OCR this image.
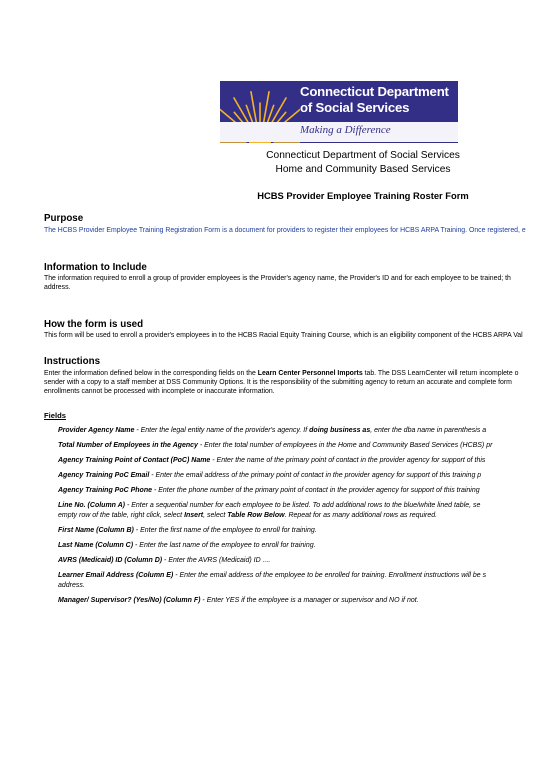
Connecticut Department
of Social Services
Making a Difference
Connecticut Department of Social Services
Home and Community Based Services
HCBS Provider Employee Training Roster Form
Purpose
The HCBS Provider Employee Training Registration Form is a document for providers to register their employees for HCBS ARPA Training. Once registered, e
Information to Include
The information required to enroll a group of provider employees is the Provider's agency name, the Provider's ID and for each employee to be trained; th
address.
How the form is used
This form will be used to enroll a provider's employees in to the HCBS Racial Equity Training Course, which is an eligibility component of the HCBS ARPA Val
Instructions
Enter the information defined below in the corresponding fields on the Learn Center Personnel Imports tab. The DSS LearnCenter will return incomplete o
sender with a copy to a staff member at DSS Community Options. It is the responsibility of the submitting agency to return an accurate and complete form
enrollments cannot be processed with incomplete or inaccurate information.
Fields
Provider Agency Name - Enter the legal entity name of the provider's agency. If doing business as, enter the dba name in parenthesis a
Total Number of Employees in the Agency - Enter the total number of employees in the Home and Community Based Services (HCBS) pr
Agency Training Point of Contact (PoC) Name - Enter the name of the primary point of contact in the provider agency for support of this
Agency Training PoC Email - Enter the email address of the primary point of contact in the provider agency for support of this training p
Agency Training PoC Phone - Enter the phone number of the primary point of contact in the provider agency for support of this training
Line No. (Column A) - Enter a sequential number for each employee to be listed. To add additional rows to the blue/white lined table, se
empty row of the table, right click, select Insert, select Table Row Below. Repeat for as many additional rows as required.
First Name (Column B) - Enter the first name of the employee to enroll for training.
Last Name (Column C) - Enter the last name of the employee to enroll for training.
AVRS (Medicaid) ID (Column D) - Enter the AVRS (Medicaid) ID ....
Learner Email Address (Column E) - Enter the email address of the employee to be enrolled for training. Enrollment instructions will be s
address.
Manager/ Supervisor? (Yes/No) (Column F) - Enter YES if the employee is a manager or supervisor and NO if not.
